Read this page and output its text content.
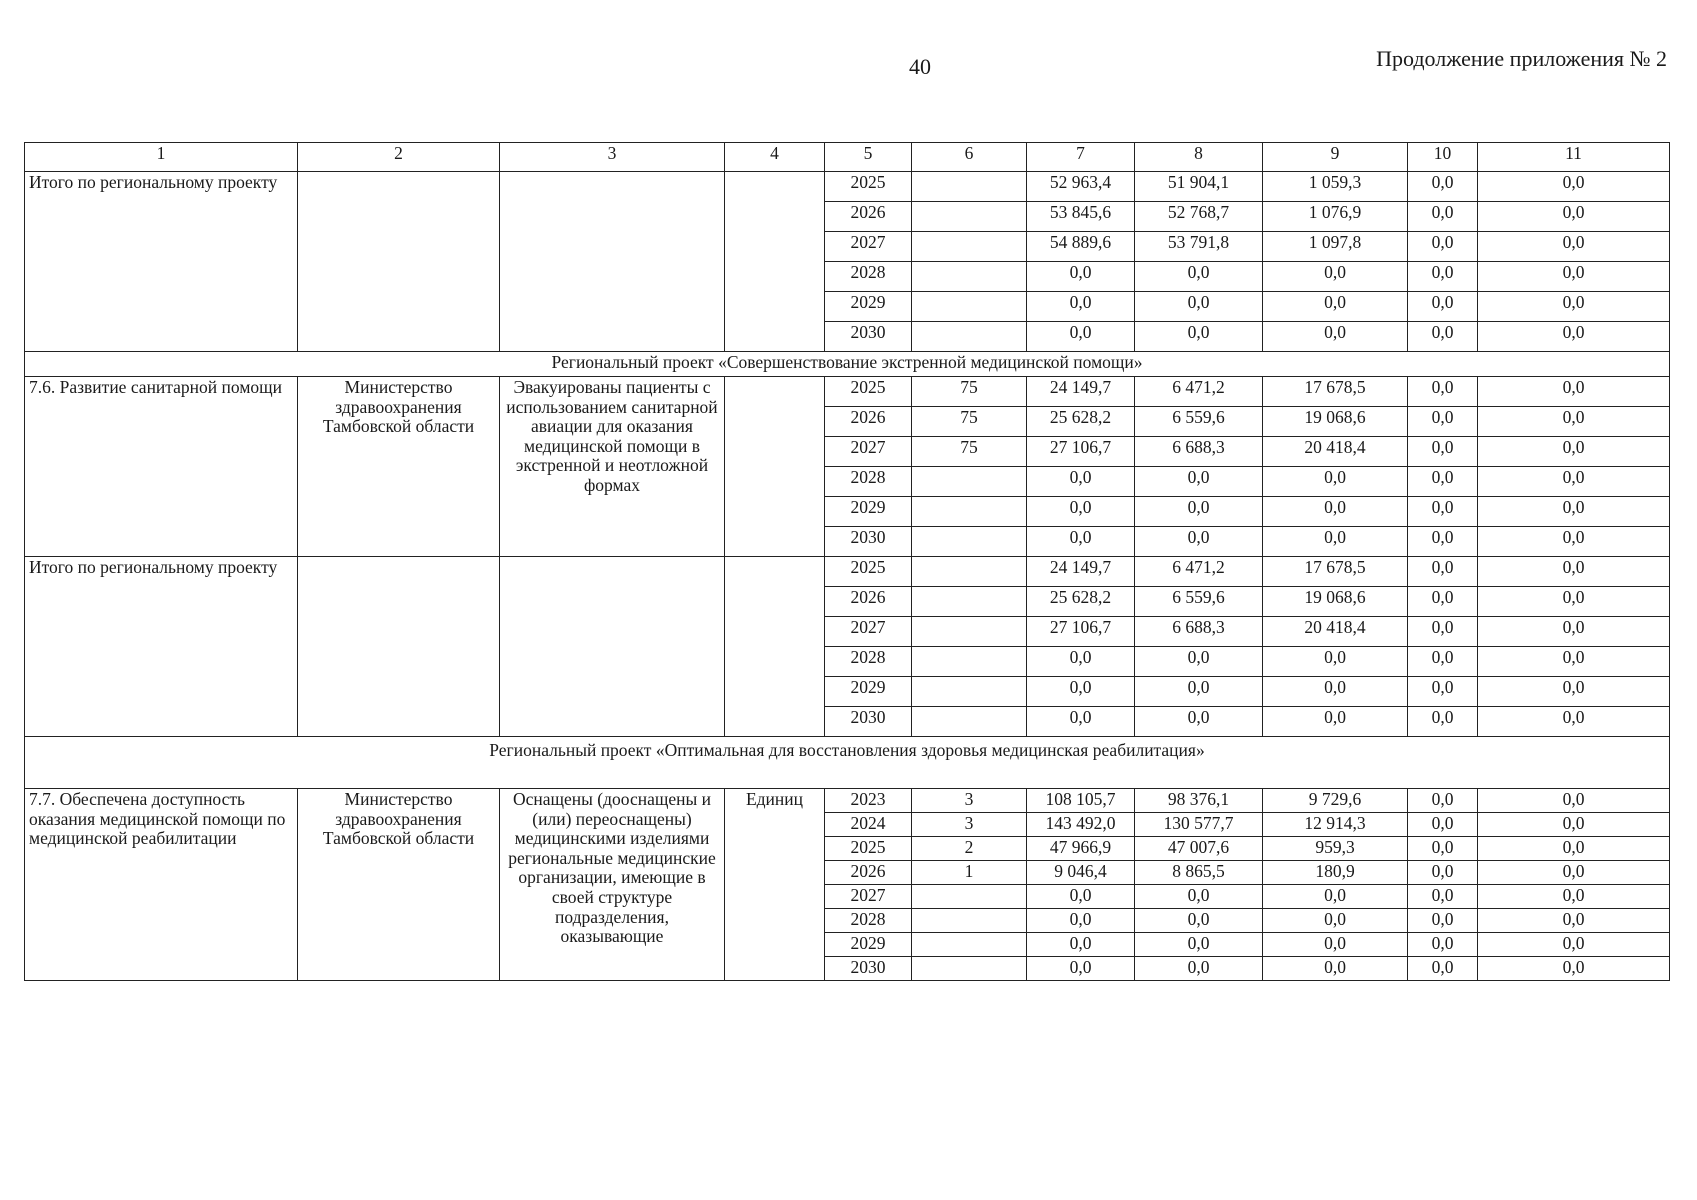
40	Продолжение приложения № 2
1	2	3	4	5	6	7	8	9	10	11
Итого по региональному проекту				2025		52 963,4	51 904,1	1 059,3	0,0	0,0
				2026		53 845,6	52 768,7	1 076,9	0,0	0,0
				2027		54 889,6	53 791,8	1 097,8	0,0	0,0
				2028		0,0	0,0	0,0	0,0	0,0
				2029		0,0	0,0	0,0	0,0	0,0
				2030		0,0	0,0	0,0	0,0	0,0
Региональный проект «Совершенствование экстренной медицинской помощи»										
7.6. Развитие санитарной помощи	Министерство здравоохранения Тамбовской области	Эвакуированы пациенты с использованием санитарной авиации для оказания медицинской помощи в экстренной и неотложной формах		2025	75	24 149,7	6 471,2	17 678,5	0,0	0,0
				2026	75	25 628,2	6 559,6	19 068,6	0,0	0,0
				2027	75	27 106,7	6 688,3	20 418,4	0,0	0,0
				2028		0,0	0,0	0,0	0,0	0,0
				2029		0,0	0,0	0,0	0,0	0,0
				2030		0,0	0,0	0,0	0,0	0,0
Итого по региональному проекту				2025		24 149,7	6 471,2	17 678,5	0,0	0,0
				2026		25 628,2	6 559,6	19 068,6	0,0	0,0
				2027		27 106,7	6 688,3	20 418,4	0,0	0,0
				2028		0,0	0,0	0,0	0,0	0,0
				2029		0,0	0,0	0,0	0,0	0,0
				2030		0,0	0,0	0,0	0,0	0,0
Региональный проект «Оптимальная для восстановления здоровья медицинская реабилитация»										
7.7. Обеспечена доступность оказания медицинской помощи по медицинской реабилитации	Министерство здравоохранения Тамбовской области	Оснащены (дооснащены и (или) переоснащены) медицинскими изделиями региональные медицинские организации, имеющие в своей структуре подразделения, оказывающие	Единиц	2023	3	108 105,7	98 376,1	9 729,6	0,0	0,0
				2024	3	143 492,0	130 577,7	12 914,3	0,0	0,0
				2025	2	47 966,9	47 007,6	959,3	0,0	0,0
				2026	1	9 046,4	8 865,5	180,9	0,0	0,0
				2027		0,0	0,0	0,0	0,0	0,0
				2028		0,0	0,0	0,0	0,0	0,0
				2029		0,0	0,0	0,0	0,0	0,0
				2030		0,0	0,0	0,0	0,0	0,0
